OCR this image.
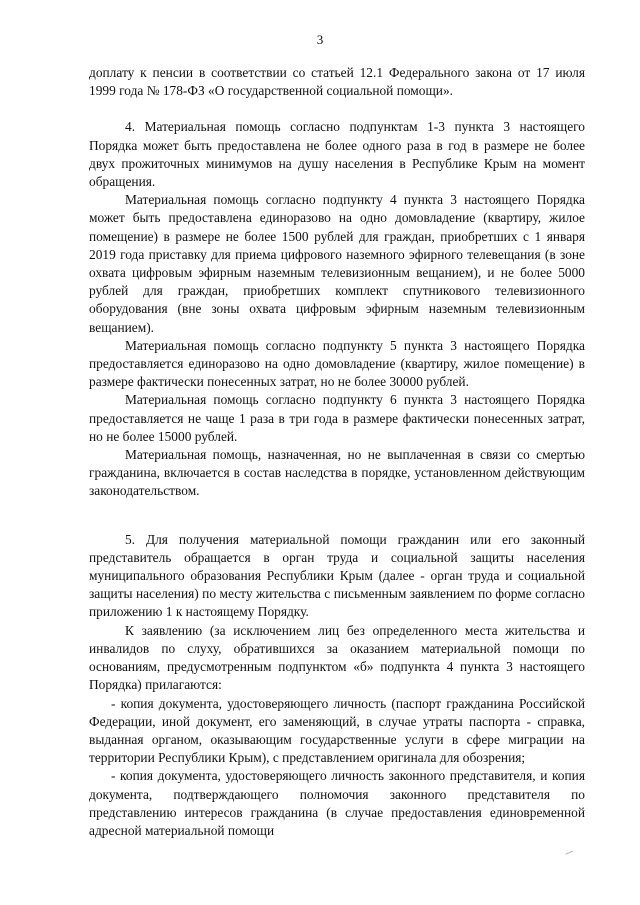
3

доплату к пенсии в соответствии со статьей 12.1 Федерального закона от 17 июля 1999 года № 178-ФЗ «О государственной социальной помощи».

4. Материальная помощь согласно подпунктам 1-3 пункта 3 настоящего Порядка может быть предоставлена не более одного раза в год в размере не более двух прожиточных минимумов на душу населения в Республике Крым на момент обращения.

Материальная помощь согласно подпункту 4 пункта 3 настоящего Порядка может быть предоставлена единоразово на одно домовладение (квартиру, жилое помещение) в размере не более 1500 рублей для граждан, приобретших с 1 января 2019 года приставку для приема цифрового наземного эфирного телевещания (в зоне охвата цифровым эфирным наземным телевизионным вещанием), и не более 5000 рублей для граждан, приобретших комплект спутникового телевизионного оборудования (вне зоны охвата цифровым эфирным наземным телевизионным вещанием).

Материальная помощь согласно подпункту 5 пункта 3 настоящего Порядка предоставляется единоразово на одно домовладение (квартиру, жилое помещение) в размере фактически понесенных затрат, но не более 30000 рублей.

Материальная помощь согласно подпункту 6 пункта 3 настоящего Порядка предоставляется не чаще 1 раза в три года в размере фактически понесенных затрат, но не более 15000 рублей.

Материальная помощь, назначенная, но не выплаченная в связи со смертью гражданина, включается в состав наследства в порядке, установленном действующим законодательством.

5. Для получения материальной помощи гражданин или его законный представитель обращается в орган труда и социальной защиты населения муниципального образования Республики Крым (далее - орган труда и социальной защиты населения) по месту жительства с письменным заявлением по форме согласно приложению 1 к настоящему Порядку.

К заявлению (за исключением лиц без определенного места жительства и инвалидов по слуху, обратившихся за оказанием материальной помощи по основаниям, предусмотренным подпунктом «б» подпункта 4 пункта 3 настоящего Порядка) прилагаются:

- копия документа, удостоверяющего личность (паспорт гражданина Российской Федерации, иной документ, его заменяющий, в случае утраты паспорта - справка, выданная органом, оказывающим государственные услуги в сфере миграции на территории Республики Крым), с представлением оригинала для обозрения;

- копия документа, удостоверяющего личность законного представителя, и копия документа, подтверждающего полномочия законного представителя по представлению интересов гражданина (в случае предоставления единовременной адресной материальной помощи
